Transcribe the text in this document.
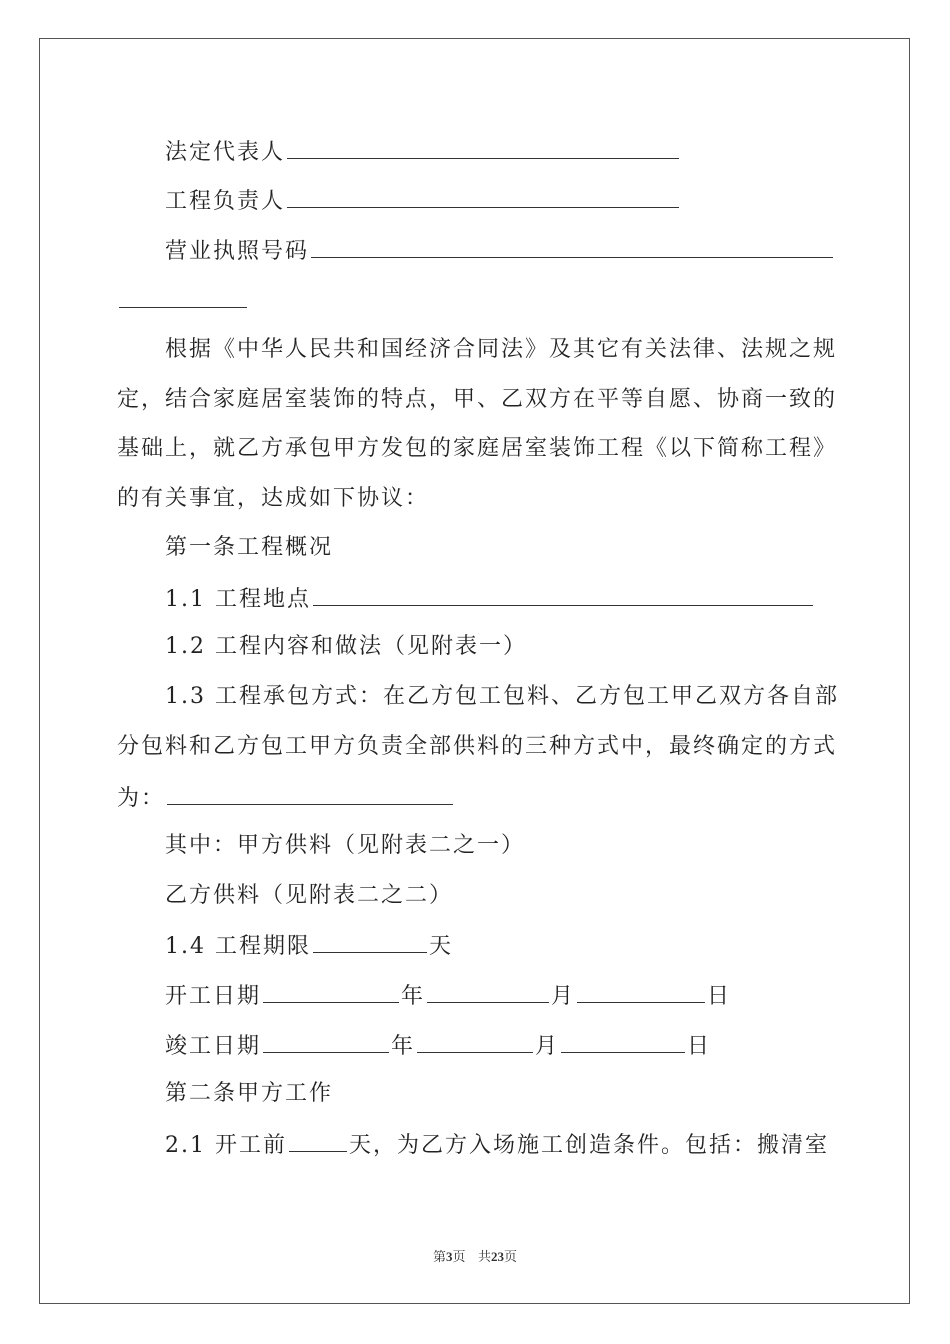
法定代表人
工程负责人
营业执照号码
根据《中华人民共和国经济合同法》及其它有关法律、法规之规
定，结合家庭居室装饰的特点，甲、乙双方在平等自愿、协商一致的
基础上，就乙方承包甲方发包的家庭居室装饰工程《以下简称工程》
的有关事宜，达成如下协议：
第一条工程概况
1.1 工程地点
1.2 工程内容和做法（见附表一）
1.3 工程承包方式：在乙方包工包料、乙方包工甲乙双方各自部
分包料和乙方包工甲方负责全部供料的三种方式中，最终确定的方式
为：
其中：甲方供料（见附表二之一）
乙方供料（见附表二之二）
1.4 工程期限	天
开工日期	年	月	日
竣工日期	年	月	日
第二条甲方工作
2.1 开工前	天，为乙方入场施工创造条件。包括：搬清室
第3页 共23页
